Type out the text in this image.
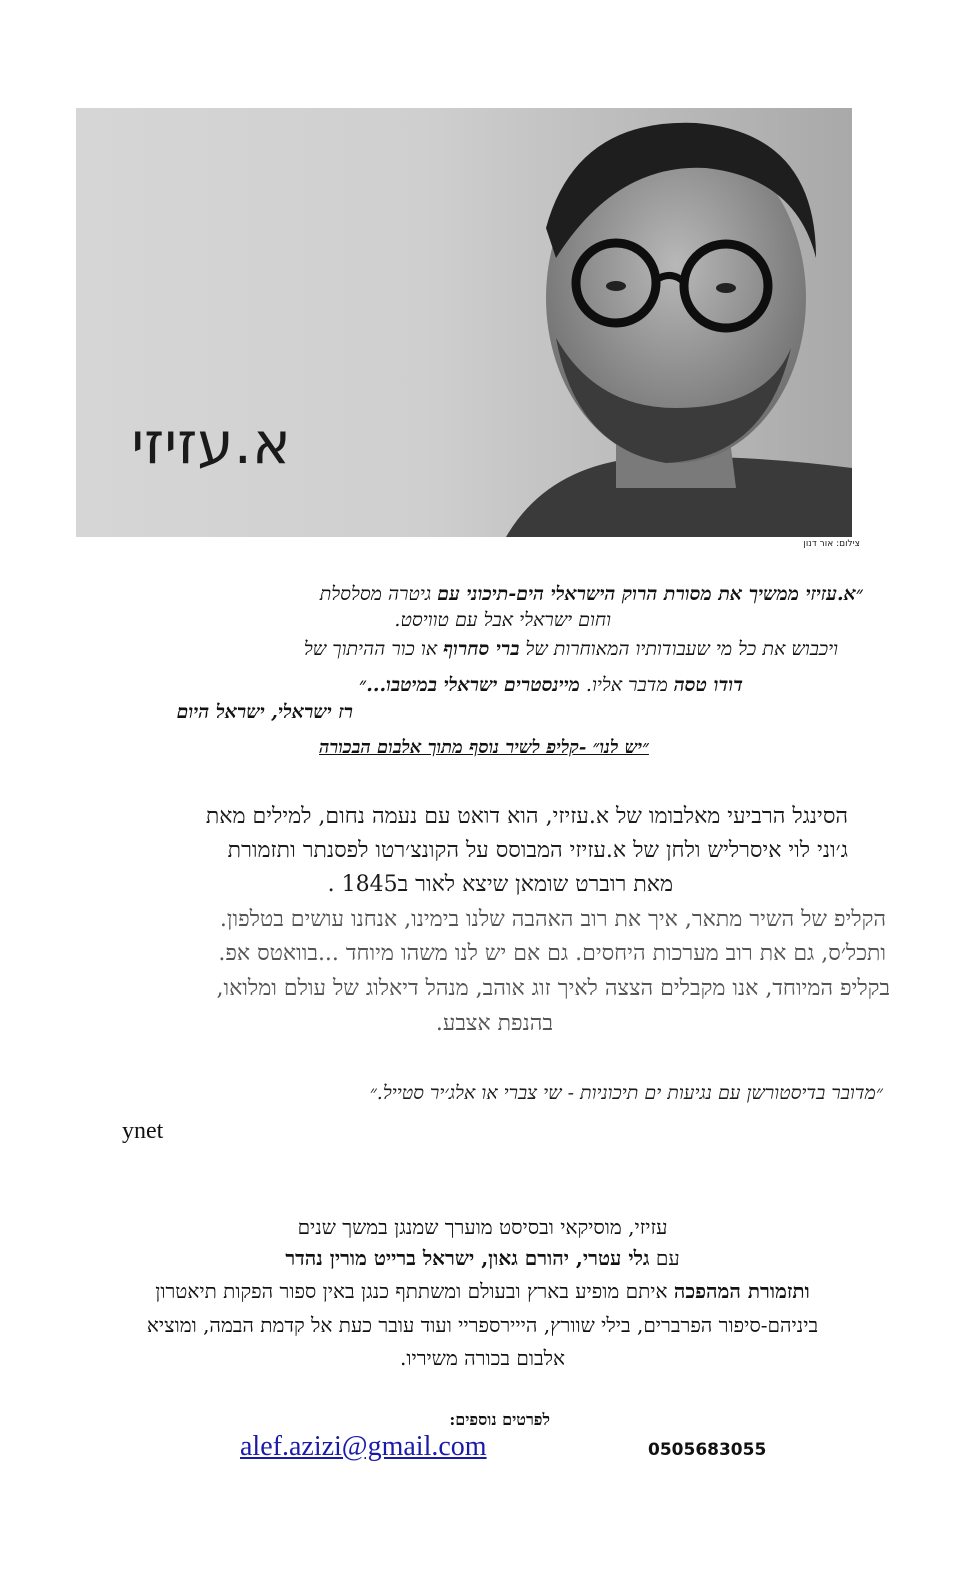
א.עזיזי
צילום: אור דנון
״א.עזיזי ממשיך את מסורת הרוק הישראלי הים-תיכוני עם גיטרה מסלסלת
וחום ישראלי אבל עם טוויסט.
ויכבוש את כל מי שעבודותיו המאוחרות של ברי סחרוף או כור ההיתוך של
דודו טסה מדבר אליו. מיינסטרים ישראלי במיטבו...״
רז ישראלי, ישראל היום
״יש לנו״ -קליפ לשיר נוסף מתוך אלבום הבכורה
הסינגל הרביעי מאלבומו של א.עזיזי, הוא דואט עם נעמה נחום, למילים מאת
ג׳וני לוי איסרליש ולחן של א.עזיזי המבוסס על הקונצ׳רטו לפסנתר ותזמורת
מאת רוברט שומאן שיצא לאור ב1845 .
הקליפ של השיר מתאר, איך את רוב האהבה שלנו בימינו, אנחנו עושים בטלפון.
ותכל׳ס, גם את רוב מערכות היחסים. גם אם יש לנו משהו מיוחד ...בוואטס אפ.
בקליפ המיוחד, אנו מקבלים הצצה לאיך זוג אוהב, מנהל דיאלוג של עולם ומלואו,
בהנפת אצבע.
״מדובר בדיסטורשן עם נגיעות ים תיכוניות - שי צברי או אלג׳יר סטייל.״
ynet
עזיזי, מוסיקאי ובסיסט מוערך שמנגן במשך שנים
עם גלי עטרי, יהורם גאון, ישראל ברייט מורין נהדר
ותזמורת המהפכה איתם מופיע בארץ ובעולם ומשתתף כנגן באין ספור הפקות תיאטרון
ביניהם-סיפור הפרברים, בילי שוורץ, הייירספריי ועוד עובר כעת אל קדמת הבמה, ומוציא
אלבום בכורה משיריו.
לפרטים נוספים:
alef.azizi@gmail.com	0505683055
